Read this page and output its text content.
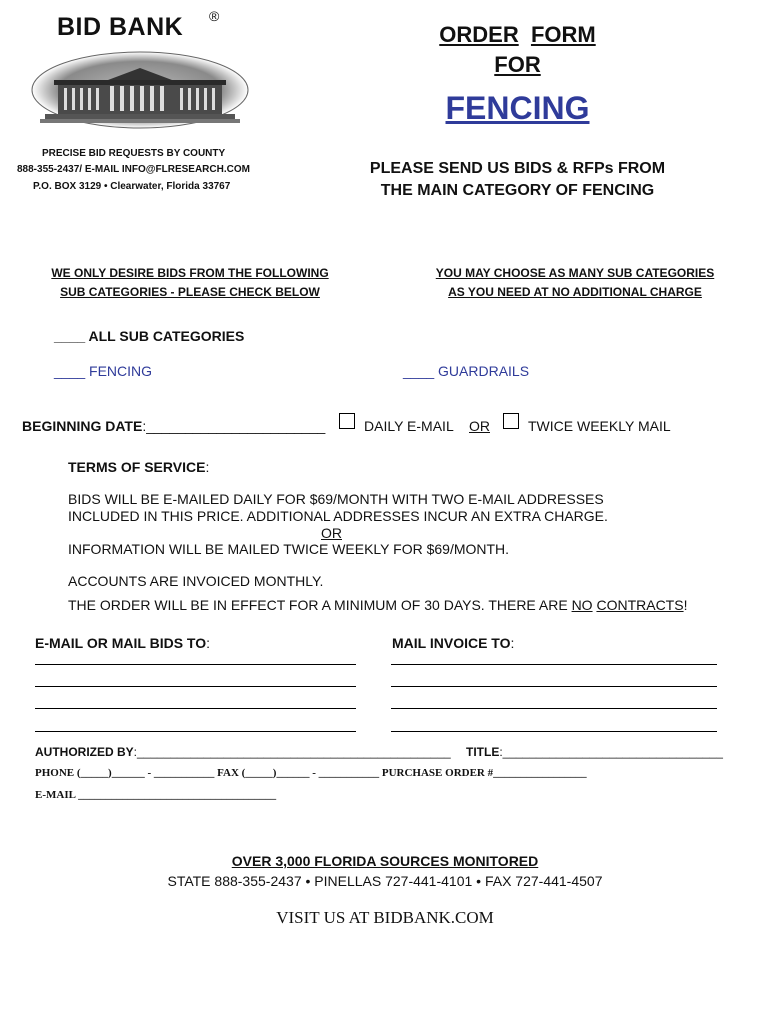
BID BANK ®
PRECISE BID REQUESTS BY COUNTY
888-355-2437/ E-MAIL INFO@FLRESEARCH.COM
P.O. BOX 3129 • Clearwater, Florida 33767
ORDER FORM
FOR
FENCING
PLEASE SEND US BIDS & RFPs FROM
THE MAIN CATEGORY OF FENCING
WE ONLY DESIRE BIDS FROM THE FOLLOWING
SUB CATEGORIES - PLEASE CHECK BELOW
YOU MAY CHOOSE AS MANY SUB CATEGORIES
AS YOU NEED AT NO ADDITIONAL CHARGE
____ ALL SUB CATEGORIES
____ FENCING	____ GUARDRAILS
BEGINNING DATE:_______________________	DAILY E-MAIL OR	TWICE WEEKLY MAIL
TERMS OF SERVICE:
BIDS WILL BE E-MAILED DAILY FOR $69/MONTH WITH TWO E-MAIL ADDRESSES
INCLUDED IN THIS PRICE. ADDITIONAL ADDRESSES INCUR AN EXTRA CHARGE.
OR
INFORMATION WILL BE MAILED TWICE WEEKLY FOR $69/MONTH.
ACCOUNTS ARE INVOICED MONTHLY.
THE ORDER WILL BE IN EFFECT FOR A MINIMUM OF 30 DAYS. THERE ARE NO CONTRACTS!
E-MAIL OR MAIL BIDS TO:	MAIL INVOICE TO:
AUTHORIZED BY:_______________________________________________ TITLE:_________________________________
PHONE (_____)______ - ___________ FAX (_____)______ - ___________ PURCHASE ORDER #_________________
E-MAIL ____________________________________
OVER 3,000 FLORIDA SOURCES MONITORED
STATE 888-355-2437 • PINELLAS 727-441-4101 • FAX 727-441-4507
VISIT US AT BIDBANK.COM
